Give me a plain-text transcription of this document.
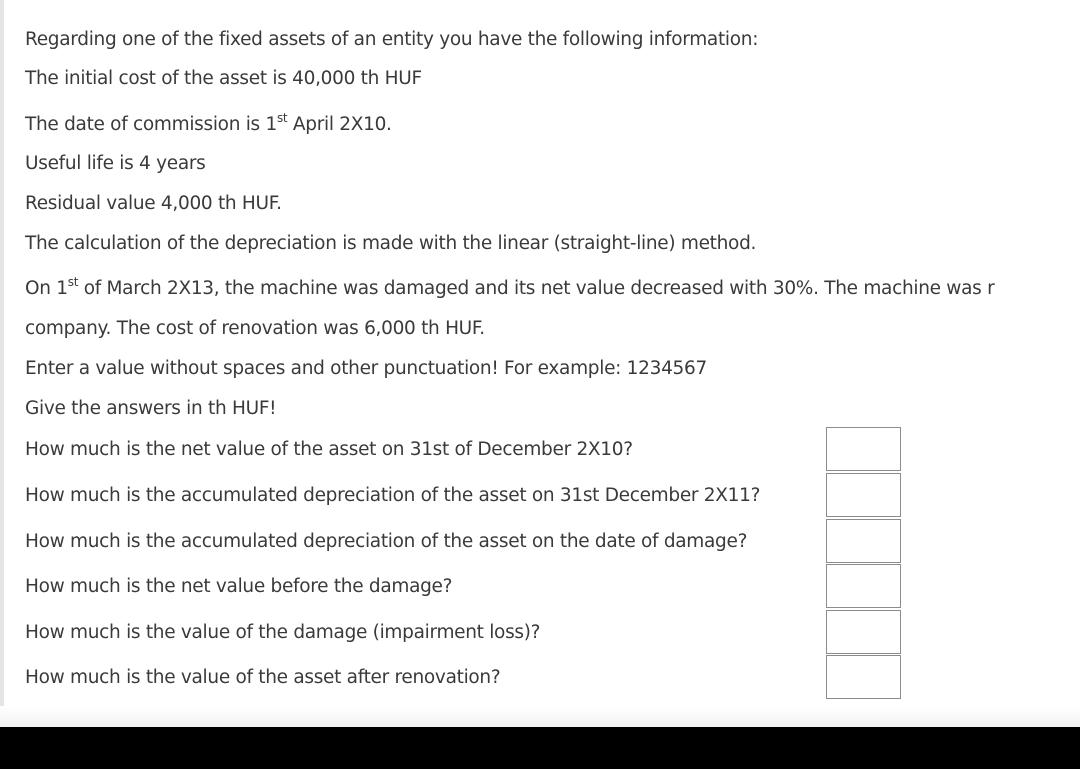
Regarding one of the fixed assets of an entity you have the following information:
The initial cost of the asset is 40,000 th HUF
The date of commission is 1st April 2X10.
Useful life is 4 years
Residual value 4,000 th HUF.
The calculation of the depreciation is made with the linear (straight-line) method.
On 1st of March 2X13, the machine was damaged and its net value decreased with 30%. The machine was r
company. The cost of renovation was 6,000 th HUF.
Enter a value without spaces and other punctuation! For example: 1234567
Give the answers in th HUF!
How much is the net value of the asset on 31st of December 2X10?
How much is the accumulated depreciation of the asset on 31st December 2X11?
How much is the accumulated depreciation of the asset on the date of damage?
How much is the net value before the damage?
How much is the value of the damage (impairment loss)?
How much is the value of the asset after renovation?
